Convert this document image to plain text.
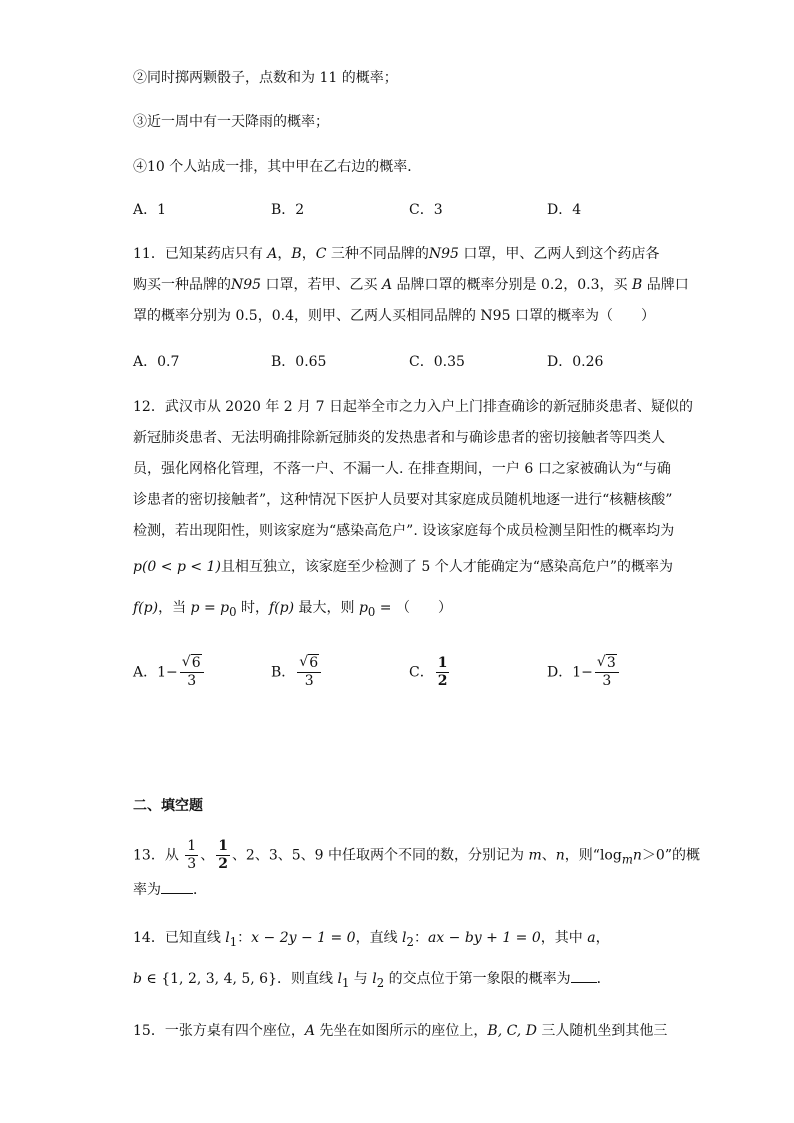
②同时掷两颗骰子，点数和为 11 的概率；
③近一周中有一天降雨的概率；
④10 个人站成一排，其中甲在乙右边的概率．
A．1	B．2	C．3	D．4
11．已知某药店只有 A，B，C 三种不同品牌的N95 口罩，甲、乙两人到这个药店各
购买一种品牌的N95 口罩，若甲、乙买 A 品牌口罩的概率分别是 0.2，0.3，买 B 品牌口
罩的概率分别为 0.5，0.4，则甲、乙两人买相同品牌的 N95 口罩的概率为（　　）
A．0.7	B．0.65	C．0.35	D．0.26
12．武汉市从 2020 年 2 月 7 日起举全市之力入户上门排查确诊的新冠肺炎患者、疑似的
新冠肺炎患者、无法明确排除新冠肺炎的发热患者和与确诊患者的密切接触者等四类人
员，强化网格化管理，不落一户、不漏一人. 在排查期间，一户 6 口之家被确认为“与确
诊患者的密切接触者”，这种情况下医护人员要对其家庭成员随机地逐一进行“核糖核酸”
检测，若出现阳性，则该家庭为“感染高危户”. 设该家庭每个成员检测呈阳性的概率均为
p(0 < p < 1)且相互独立，该家庭至少检测了 5 个人才能确定为“感染高危户”的概率为
f(p)，当 $p = p_0$ 时，f(p) 最大，则 $p_0$ = （　　）
A．$1- \frac{√ 6}{3}$	B． $\frac{√ 6}{3}$	C． $\frac{1}{2}$	D．$1- \frac{√ 3}{3}$
二、填空题
13．从 $\frac{1}{3}$ 、 $\frac{1}{2}$ 、2、3、5、9 中任取两个不同的数，分别记为 m、n，则“$\log_mn>0$”的概
率为 ．
14．已知直线 $l_1$：x − 2y − 1 = 0，直线 $l_2$：ax − by + 1 = 0，其中 a，
b ∈ {1, 2, 3, 4, 5, 6}．则直线 $l_1$ 与 $l_2$ 的交点位于第一象限的概率为 ．
15．一张方桌有四个座位，A 先坐在如图所示的座位上，B, C, D 三人随机坐到其他三
